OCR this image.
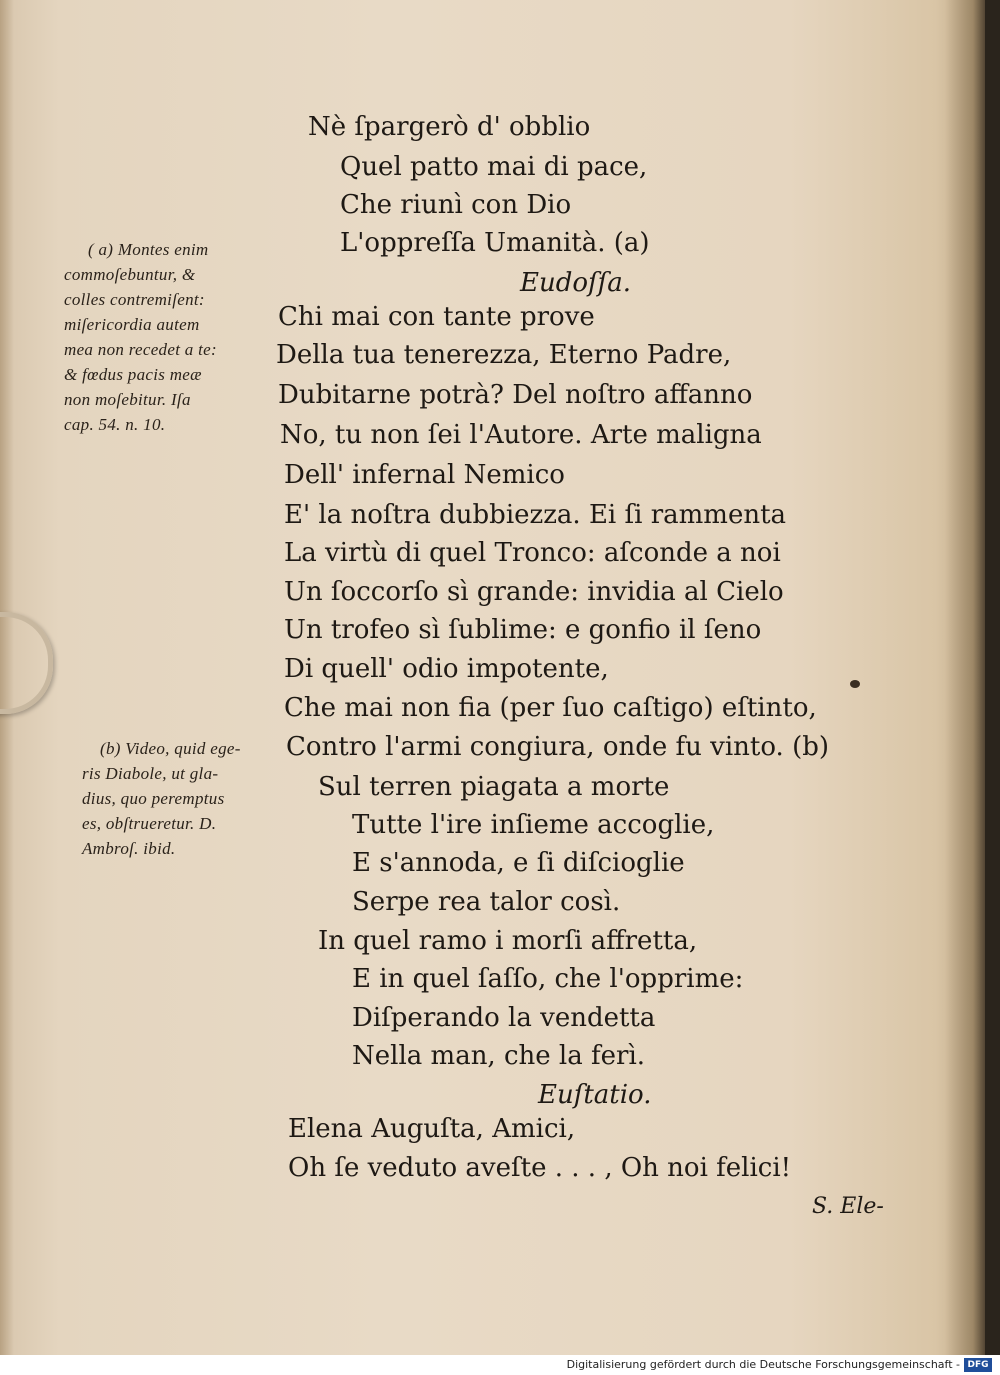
Nè ſpargerò d' obblio
Quel patto mai di pace,
Che riunì con Dio
L'oppreſſa Umanità. (a)
Eudoſſa.
Chi mai con tante prove
Della tua tenerezza, Eterno Padre,
Dubitarne potrà? Del noſtro affanno
No, tu non ſei l'Autore. Arte maligna
Dell' infernal Nemico
E' la noſtra dubbiezza. Ei ſi rammenta
La virtù di quel Tronco: aſconde a noi
Un ſoccorſo sì grande: invidia al Cielo
Un trofeo sì ſublime: e gonfio il ſeno
Di quell' odio impotente,
Che mai non fia (per ſuo caſtigo) eſtinto,
Contro l'armi congiura, onde fu vinto. (b)
Sul terren piagata a morte
Tutte l'ire inſieme accoglie,
E s'annoda, e ſi diſcioglie
Serpe rea talor così.
In quel ramo i morſi affretta,
E in quel ſaſſo, che l'opprime:
Diſperando la vendetta
Nella man, che la ferì.
Euſtatio.
Elena Auguſta, Amici,
Oh ſe veduto aveſte . . . , Oh noi felici!
S. Ele-
( a) Montes enim
commoſebuntur, &
colles contremiſent:
miſericordia autem
mea non recedet a te:
& fœdus pacis meæ
non moſebitur. Iſa
cap. 54. n. 10.
(b) Video, quid ege-
ris Diabole, ut gla-
dius, quo peremptus
es, obſtrueretur. D.
Ambroſ. ibid.
Digitalisierung gefördert durch die Deutsche Forschungsgemeinschaft - DFG
